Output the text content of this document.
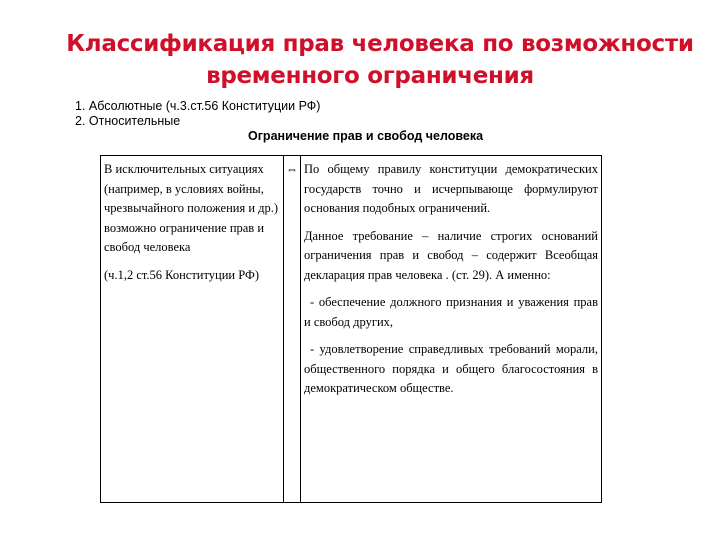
Классификация прав человека по возможности
временного ограничения
1. Абсолютные (ч.3.ст.56 Конституции РФ)
2. Относительные
Ограничение прав и свобод человека

В исключительных ситуациях (например, в условиях войны, чрезвычайного положения и др.) возможно ограничение прав и свобод человека

(ч.1,2 ст.56 Конституции РФ)

⇔ По общему правилу конституции демократических государств точно и исчерпывающе формулируют основания подобных ограничений.

Данное требование – наличие строгих оснований ограничения прав и свобод – содержит Всеобщая декларация прав человека . (ст. 29). А именно:

- обеспечение должного признания и уважения прав и свобод других,

- удовлетворение справедливых требований морали, общественного порядка и общего благосостояния в демократическом обществе.
